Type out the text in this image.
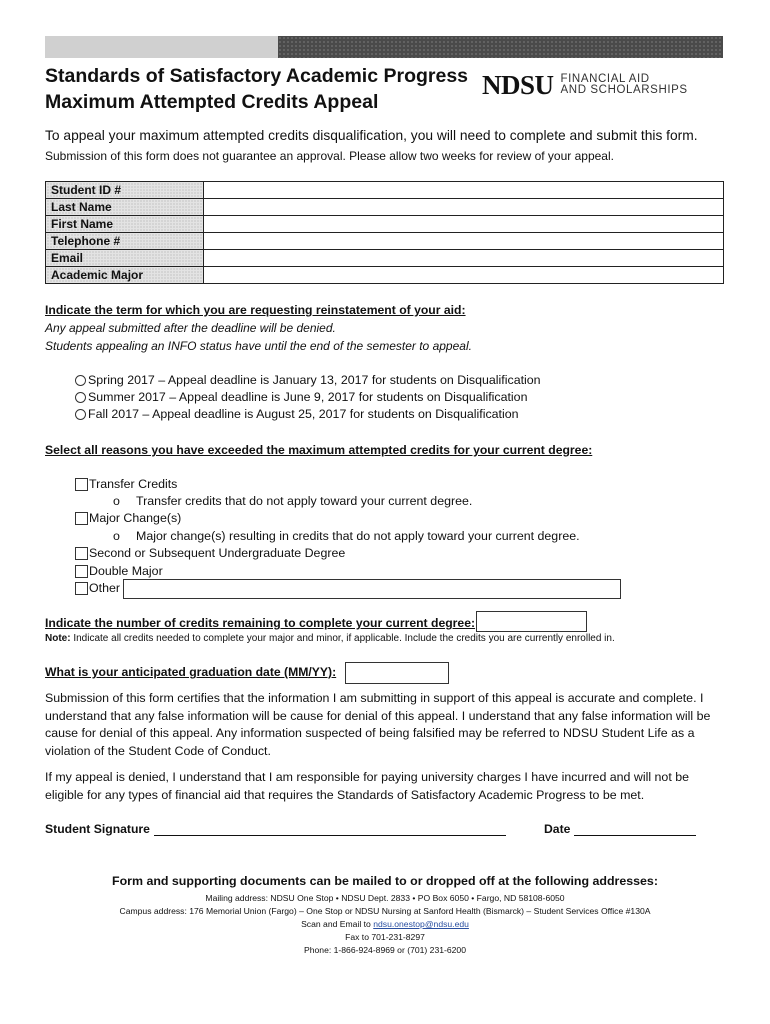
Standards of Satisfactory Academic Progress
Maximum Attempted Credits Appeal
NDSU FINANCIAL AID
AND SCHOLARSHIPS
To appeal your maximum attempted credits disqualification, you will need to complete and submit this form.
Submission of this form does not guarantee an approval. Please allow two weeks for review of your appeal.
Student ID #	
Last Name	
First Name	
Telephone #	
Email	
Academic Major	
Indicate the term for which you are requesting reinstatement of your aid:
Any appeal submitted after the deadline will be denied.
Students appealing an INFO status have until the end of the semester to appeal.
Spring 2017 – Appeal deadline is January 13, 2017 for students on Disqualification
Summer 2017 – Appeal deadline is June 9, 2017 for students on Disqualification
Fall 2017 – Appeal deadline is August 25, 2017 for students on Disqualification
Select all reasons you have exceeded the maximum attempted credits for your current degree:
Transfer Credits
o	Transfer credits that do not apply toward your current degree.
Major Change(s)
o	Major change(s) resulting in credits that do not apply toward your current degree.
Second or Subsequent Undergraduate Degree
Double Major
Other
Indicate the number of credits remaining to complete your current degree:
Note: Indicate all credits needed to complete your major and minor, if applicable. Include the credits you are currently enrolled in.
What is your anticipated graduation date (MM/YY):

Submission of this form certifies that the information I am submitting in support of this appeal is accurate and complete. I understand that any false information will be cause for denial of this appeal. I understand that any false information will be cause for denial of this appeal. Any information suspected of being falsified may be referred to NDSU Student Life as a violation of the Student Code of Conduct.

If my appeal is denied, I understand that I am responsible for paying university charges I have incurred and will not be eligible for any types of financial aid that requires the Standards of Satisfactory Academic Progress to be met.

Student Signature	Date
Form and supporting documents can be mailed to or dropped off at the following addresses:
Mailing address: NDSU One Stop • NDSU Dept. 2833 • PO Box 6050 • Fargo, ND 58108-6050
Campus address: 176 Memorial Union (Fargo) – One Stop or NDSU Nursing at Sanford Health (Bismarck) – Student Services Office #130A
Scan and Email to ndsu.onestop@ndsu.edu
Fax to 701-231-8297
Phone: 1-866-924-8969 or (701) 231-6200
